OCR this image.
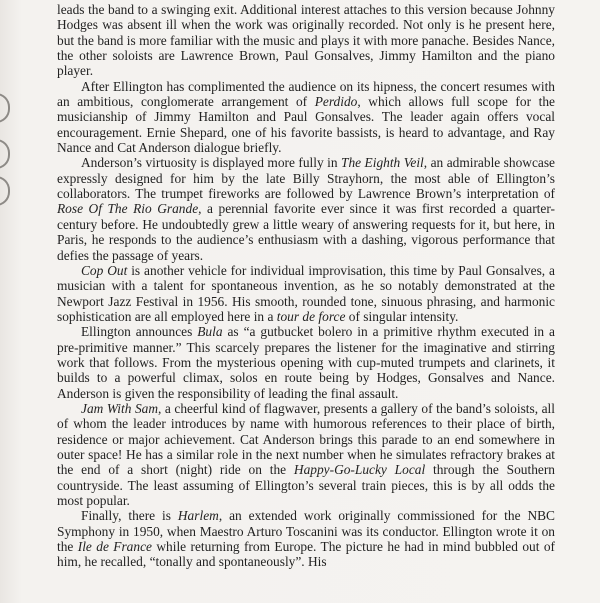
leads the band to a swinging exit. Additional interest attaches to this version because Johnny Hodges was absent ill when the work was originally recorded. Not only is he present here, but the band is more familiar with the music and plays it with more panache. Besides Nance, the other soloists are Lawrence Brown, Paul Gonsalves, Jimmy Hamilton and the piano player.

After Ellington has complimented the audience on its hipness, the concert resumes with an ambitious, conglomerate arrangement of Perdido, which allows full scope for the musicianship of Jimmy Hamilton and Paul Gonsalves. The leader again offers vocal encouragement. Ernie Shepard, one of his favorite bassists, is heard to advantage, and Ray Nance and Cat Anderson dialogue briefly.

Anderson’s virtuosity is displayed more fully in The Eighth Veil, an admirable showcase expressly designed for him by the late Billy Strayhorn, the most able of Ellington’s collaborators. The trumpet fireworks are followed by Lawrence Brown’s interpretation of Rose Of The Rio Grande, a perennial favorite ever since it was first recorded a quarter-century before. He undoubtedly grew a little weary of answering requests for it, but here, in Paris, he responds to the audience’s enthusiasm with a dashing, vigorous performance that defies the passage of years.

Cop Out is another vehicle for individual improvisation, this time by Paul Gonsalves, a musician with a talent for spontaneous invention, as he so notably demonstrated at the Newport Jazz Festival in 1956. His smooth, rounded tone, sinuous phrasing, and harmonic sophistication are all employed here in a tour de force of singular intensity.

Ellington announces Bula as “a gutbucket bolero in a primitive rhythm executed in a pre-primitive manner.” This scarcely prepares the listener for the imaginative and stirring work that follows. From the mysterious opening with cup-muted trumpets and clarinets, it builds to a powerful climax, solos en route being by Hodges, Gonsalves and Nance. Anderson is given the responsibility of leading the final assault.

Jam With Sam, a cheerful kind of flagwaver, presents a gallery of the band’s soloists, all of whom the leader introduces by name with humorous references to their place of birth, residence or major achievement. Cat Anderson brings this parade to an end somewhere in outer space! He has a similar role in the next number when he simulates refractory brakes at the end of a short (night) ride on the Happy-Go-Lucky Local through the Southern countryside. The least assuming of Ellington’s several train pieces, this is by all odds the most popular.

Finally, there is Harlem, an extended work originally commissioned for the NBC Symphony in 1950, when Maestro Arturo Toscanini was its conductor. Ellington wrote it on the Ile de France while returning from Europe. The picture he had in mind bubbled out of him, he recalled, “tonally and spontaneously”. His
